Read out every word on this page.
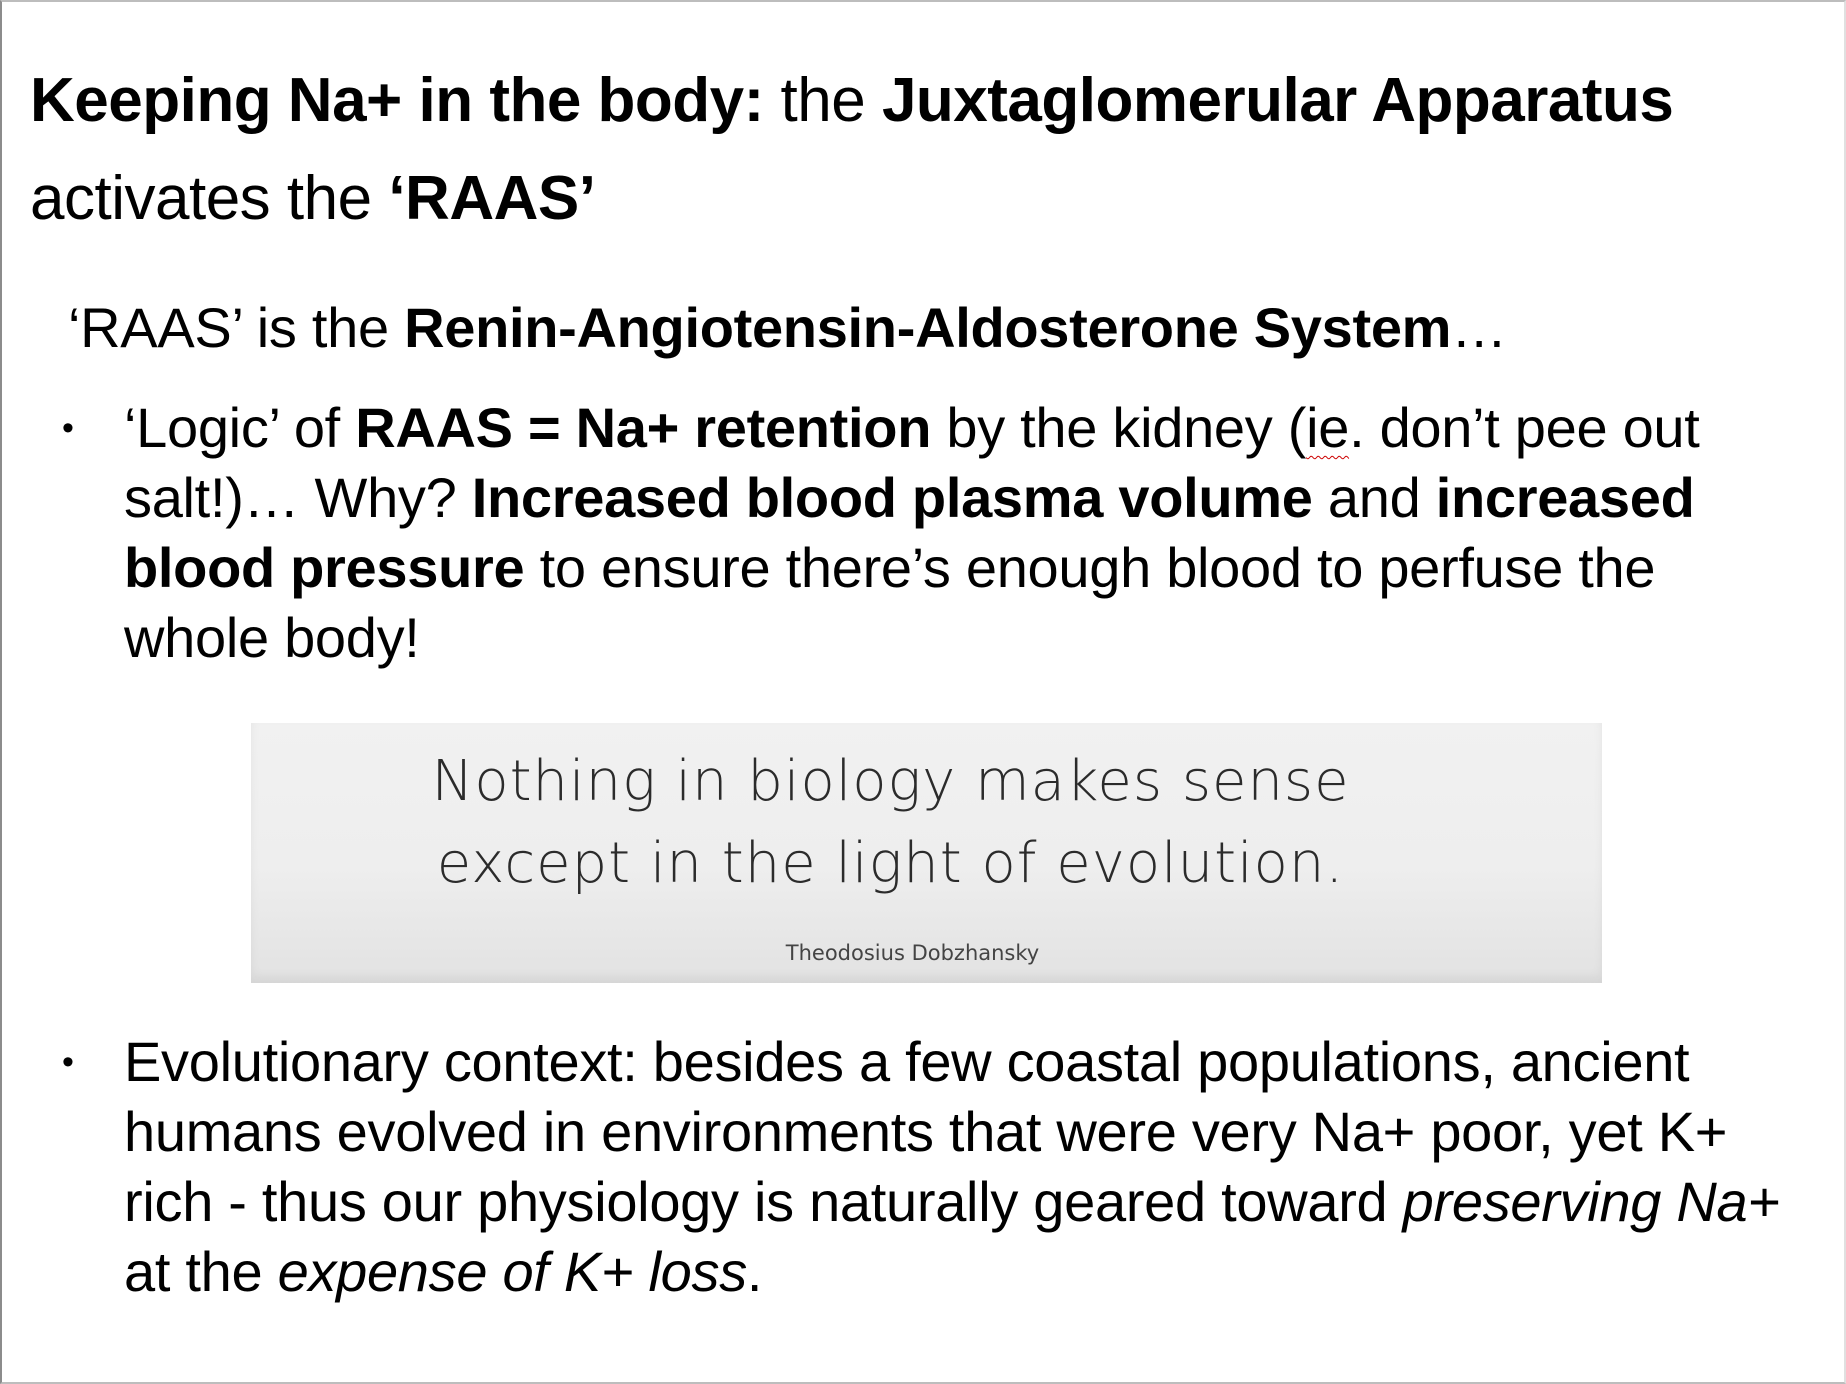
Keeping Na+ in the body: the Juxtaglomerular Apparatus activates the ‘RAAS’
‘RAAS’ is the Renin-Angiotensin-Aldosterone System…
• ‘Logic’ of RAAS = Na+ retention by the kidney (ie. don’t pee out salt!)… Why? Increased blood plasma volume and increased blood pressure to ensure there’s enough blood to perfuse the whole body!
Nothing in biology makes sense
except in the light of evolution.
Theodosius Dobzhansky
• Evolutionary context: besides a few coastal populations, ancient humans evolved in environments that were very Na+ poor, yet K+ rich - thus our physiology is naturally geared toward preserving Na+ at the expense of K+ loss.
